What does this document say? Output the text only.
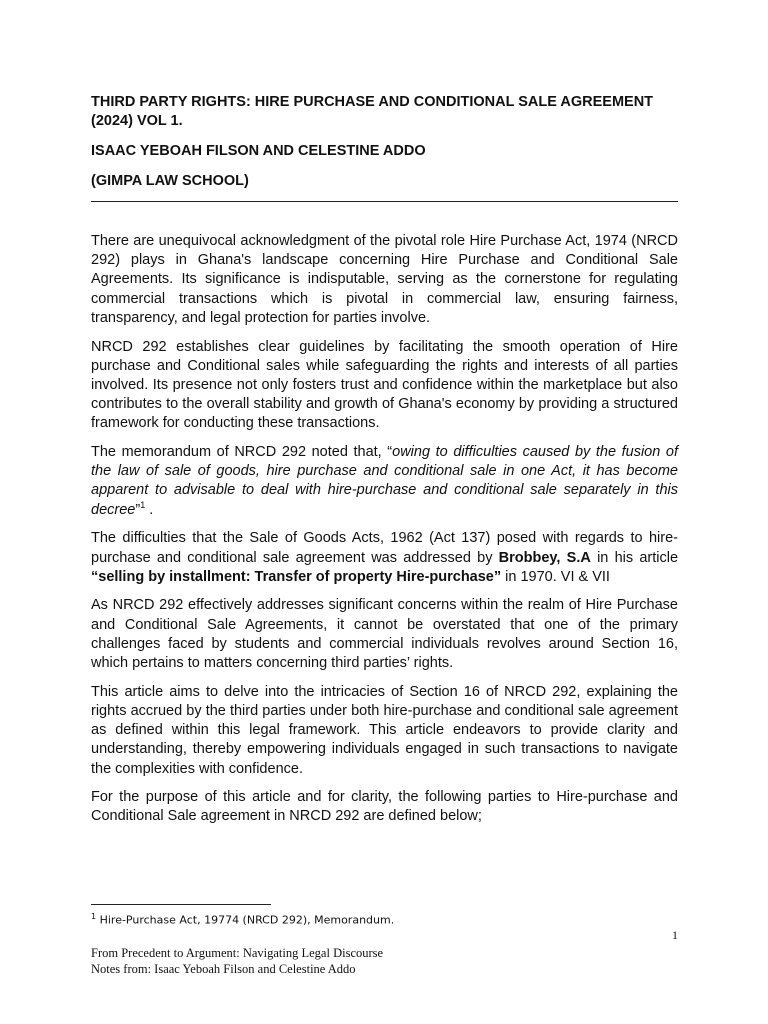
THIRD PARTY RIGHTS: HIRE PURCHASE AND CONDITIONAL SALE AGREEMENT
(2024) VOL 1.

ISAAC YEBOAH FILSON AND CELESTINE ADDO

(GIMPA LAW SCHOOL)

There are unequivocal acknowledgment of the pivotal role Hire Purchase Act, 1974 (NRCD 292) plays in Ghana's landscape concerning Hire Purchase and Conditional Sale Agreements. Its significance is indisputable, serving as the cornerstone for regulating commercial transactions which is pivotal in commercial law, ensuring fairness, transparency, and legal protection for parties involve.

NRCD 292 establishes clear guidelines by facilitating the smooth operation of Hire purchase and Conditional sales while safeguarding the rights and interests of all parties involved. Its presence not only fosters trust and confidence within the marketplace but also contributes to the overall stability and growth of Ghana's economy by providing a structured framework for conducting these transactions.

The memorandum of NRCD 292 noted that, “owing to difficulties caused by the fusion of the law of sale of goods, hire purchase and conditional sale in one Act, it has become apparent to advisable to deal with hire-purchase and conditional sale separately in this decree”$^1$ .

The difficulties that the Sale of Goods Acts, 1962 (Act 137) posed with regards to hire-purchase and conditional sale agreement was addressed by Brobbey, S.A in his article “selling by installment: Transfer of property Hire-purchase” in 1970. VI & VII

As NRCD 292 effectively addresses significant concerns within the realm of Hire Purchase and Conditional Sale Agreements, it cannot be overstated that one of the primary challenges faced by students and commercial individuals revolves around Section 16, which pertains to matters concerning third parties’ rights.

This article aims to delve into the intricacies of Section 16 of NRCD 292, explaining the rights accrued by the third parties under both hire-purchase and conditional sale agreement as defined within this legal framework. This article endeavors to provide clarity and understanding, thereby empowering individuals engaged in such transactions to navigate the complexities with confidence.

For the purpose of this article and for clarity, the following parties to Hire-purchase and Conditional Sale agreement in NRCD 292 are defined below;

$^1$ Hire-Purchase Act, 19774 (NRCD 292), Memorandum.
1
From Precedent to Argument: Navigating Legal Discourse
Notes from: Isaac Yeboah Filson and Celestine Addo
